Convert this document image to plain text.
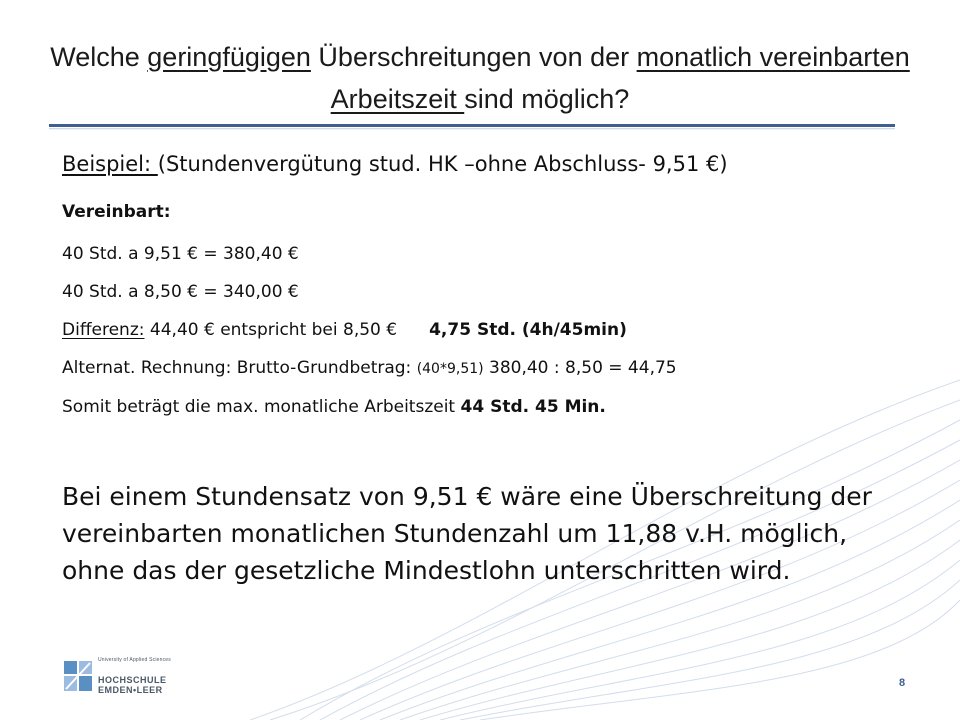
Welche geringfügigen Überschreitungen von der monatlich vereinbarten Arbeitszeit sind möglich?
Beispiel: (Stundenvergütung stud. HK –ohne Abschluss- 9,51 €)
Vereinbart:
40 Std. a 9,51 € = 380,40 €
40 Std. a 8,50 € = 340,00 €
Differenz: 44,40 € entspricht bei 8,50 € 4,75 Std. (4h/45min)
Alternat. Rechnung: Brutto-Grundbetrag: (40*9,51) 380,40 : 8,50 = 44,75
Somit beträgt die max. monatliche Arbeitszeit 44 Std. 45 Min.
Bei einem Stundensatz von 9,51 € wäre eine Überschreitung der vereinbarten monatlichen Stundenzahl um 11,88 v.H. möglich, ohne das der gesetzliche Mindestlohn unterschritten wird.
University of Applied Sciences
HOCHSCHULE
EMDEN•LEER
8
